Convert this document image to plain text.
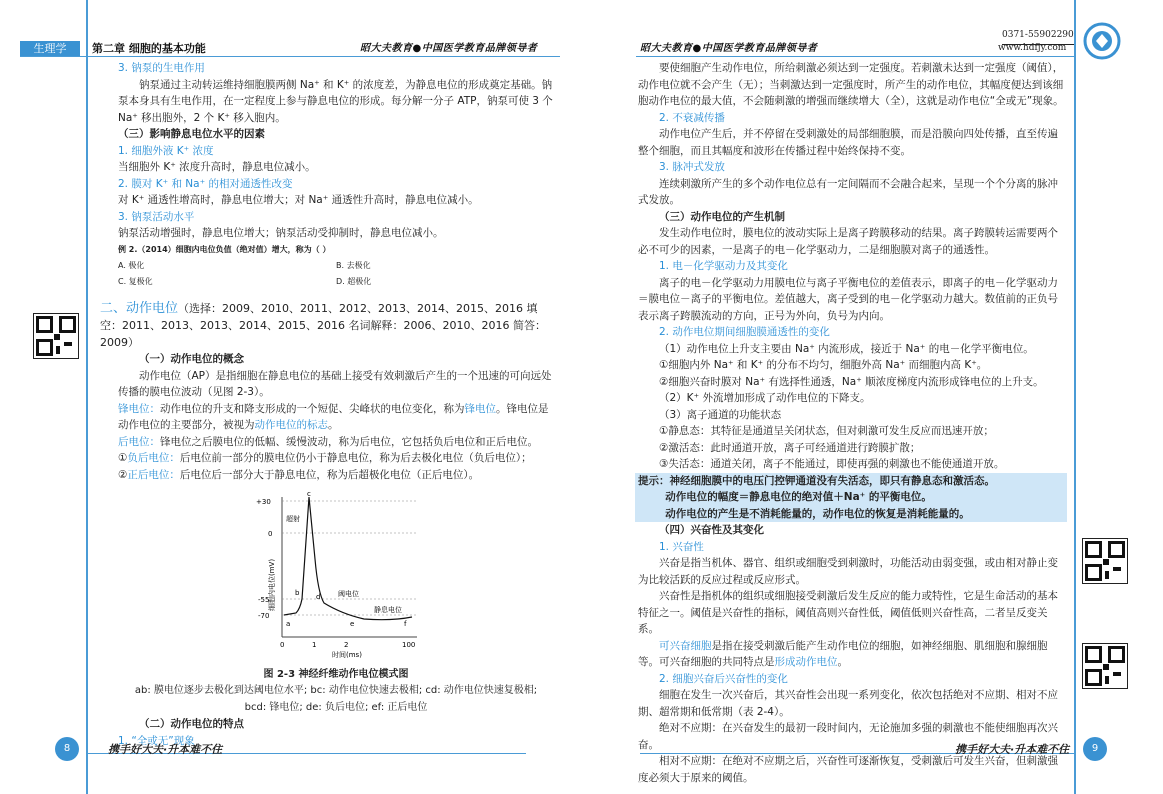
生理学	第二章 细胞的基本功能	昭大夫教育●中国医学教育品牌领导者	昭大夫教育●中国医学教育品牌领导者
0371-55902290
www.hdfjy.com

3. 钠泵的生电作用

钠泵通过主动转运维持细胞膜两侧 Na⁺ 和 K⁺ 的浓度差，为静息电位的形成奠定基础。钠泵本身具有生电作用，在一定程度上参与静息电位的形成。每分解一分子 ATP，钠泵可使 3 个 Na⁺ 移出胞外，2 个 K⁺ 移入胞内。

（三）影响静息电位水平的因素

1. 细胞外液 K⁺ 浓度

当细胞外 K⁺ 浓度升高时，静息电位减小。

2. 膜对 K⁺ 和 Na⁺ 的相对通透性改变

对 K⁺ 通透性增高时，静息电位增大；对 Na⁺ 通透性升高时，静息电位减小。

3. 钠泵活动水平

钠泵活动增强时，静息电位增大；钠泵活动受抑制时，静息电位减小。

例 2.（2014）细胞内电位负值（绝对值）增大，称为（ ）

A. 极化	B. 去极化
C. 复极化	D. 超极化

二、动作电位（选择：2009、2010、2011、2012、2013、2014、2015、2016 填空：2011、2013、2013、2014、2015、2016 名词解释：2006、2010、2016 简答：2009）

（一）动作电位的概念

动作电位（AP）是指细胞在静息电位的基础上接受有效刺激后产生的一个迅速的可向远处传播的膜电位波动（见图 2-3）。

锋电位：动作电位的升支和降支形成的一个短促、尖峰状的电位变化，称为锋电位。锋电位是动作电位的主要部分，被视为动作电位的标志。

后电位：锋电位之后膜电位的低幅、缓慢波动，称为后电位，它包括负后电位和正后电位。

①负后电位：后电位前一部分的膜电位仍小于静息电位，称为后去极化电位（负后电位）；

②正后电位：后电位后一部分大于静息电位，称为后超极化电位（正后电位）。

+30
0
-55
-70
0	1	2	100
时间(ms)
细胞内电位(mV)
超射
阈电位
静息电位
a
b
c
d
e	f

图 2-3 神经纤维动作电位模式图

ab: 膜电位逐步去极化到达阈电位水平; bc: 动作电位快速去极相; cd: 动作电位快速复极相;

bcd: 锋电位; de: 负后电位; ef: 正后电位

（二）动作电位的特点

1. “全或无”现象

要使细胞产生动作电位，所给刺激必须达到一定强度。若刺激未达到一定强度（阈值），动作电位就不会产生（无）；当刺激达到一定强度时，所产生的动作电位，其幅度便达到该细胞动作电位的最大值，不会随刺激的增强而继续增大（全），这就是动作电位“全或无”现象。

2. 不衰减传播

动作电位产生后，并不停留在受刺激处的局部细胞膜，而是沿膜向四处传播，直至传遍整个细胞，而且其幅度和波形在传播过程中始终保持不变。

3. 脉冲式发放

连续刺激所产生的多个动作电位总有一定间隔而不会融合起来，呈现一个个分离的脉冲式发放。

（三）动作电位的产生机制

发生动作电位时，膜电位的波动实际上是离子跨膜移动的结果。离子跨膜转运需要两个必不可少的因素，一是离子的电－化学驱动力，二是细胞膜对离子的通透性。

1. 电－化学驱动力及其变化

离子的电－化学驱动力用膜电位与离子平衡电位的差值表示，即离子的电－化学驱动力＝膜电位－离子的平衡电位。差值越大，离子受到的电－化学驱动力越大。数值前的正负号表示离子跨膜流动的方向，正号为外向，负号为内向。

2. 动作电位期间细胞膜通透性的变化

（1）动作电位上升支主要由 Na⁺ 内流形成，接近于 Na⁺ 的电－化学平衡电位。

①细胞内外 Na⁺ 和 K⁺ 的分布不均匀，细胞外高 Na⁺ 而细胞内高 K⁺。

②细胞兴奋时膜对 Na⁺ 有选择性通透，Na⁺ 顺浓度梯度内流形成锋电位的上升支。

（2）K⁺ 外流增加形成了动作电位的下降支。

（3）离子通道的功能状态

①静息态：其特征是通道呈关闭状态，但对刺激可发生反应而迅速开放；

②激活态：此时通道开放，离子可经通道进行跨膜扩散；

③失活态：通道关闭，离子不能通过，即使再强的刺激也不能使通道开放。

提示：神经细胞膜中的电压门控钾通道没有失活态，即只有静息态和激活态。

动作电位的幅度＝静息电位的绝对值＋Na⁺ 的平衡电位。

动作电位的产生是不消耗能量的，动作电位的恢复是消耗能量的。

（四）兴奋性及其变化

1. 兴奋性

兴奋是指当机体、器官、组织或细胞受到刺激时，功能活动由弱变强，或由相对静止变为比较活跃的反应过程或反应形式。

兴奋性是指机体的组织或细胞接受刺激后发生反应的能力或特性，它是生命活动的基本特征之一。阈值是兴奋性的指标，阈值高则兴奋性低，阈值低则兴奋性高，二者呈反变关系。

可兴奋细胞是指在接受刺激后能产生动作电位的细胞，如神经细胞、肌细胞和腺细胞等。可兴奋细胞的共同特点是形成动作电位。

2. 细胞兴奋后兴奋性的变化

细胞在发生一次兴奋后，其兴奋性会出现一系列变化，依次包括绝对不应期、相对不应期、超常期和低常期（表 2-4）。

绝对不应期：在兴奋发生的最初一段时间内，无论施加多强的刺激也不能使细胞再次兴奋。

相对不应期：在绝对不应期之后，兴奋性可逐渐恢复，受刺激后可发生兴奋，但刺激强度必须大于原来的阈值。

8	携手好大夫·升本难不住	携手好大夫·升本难不住	9
